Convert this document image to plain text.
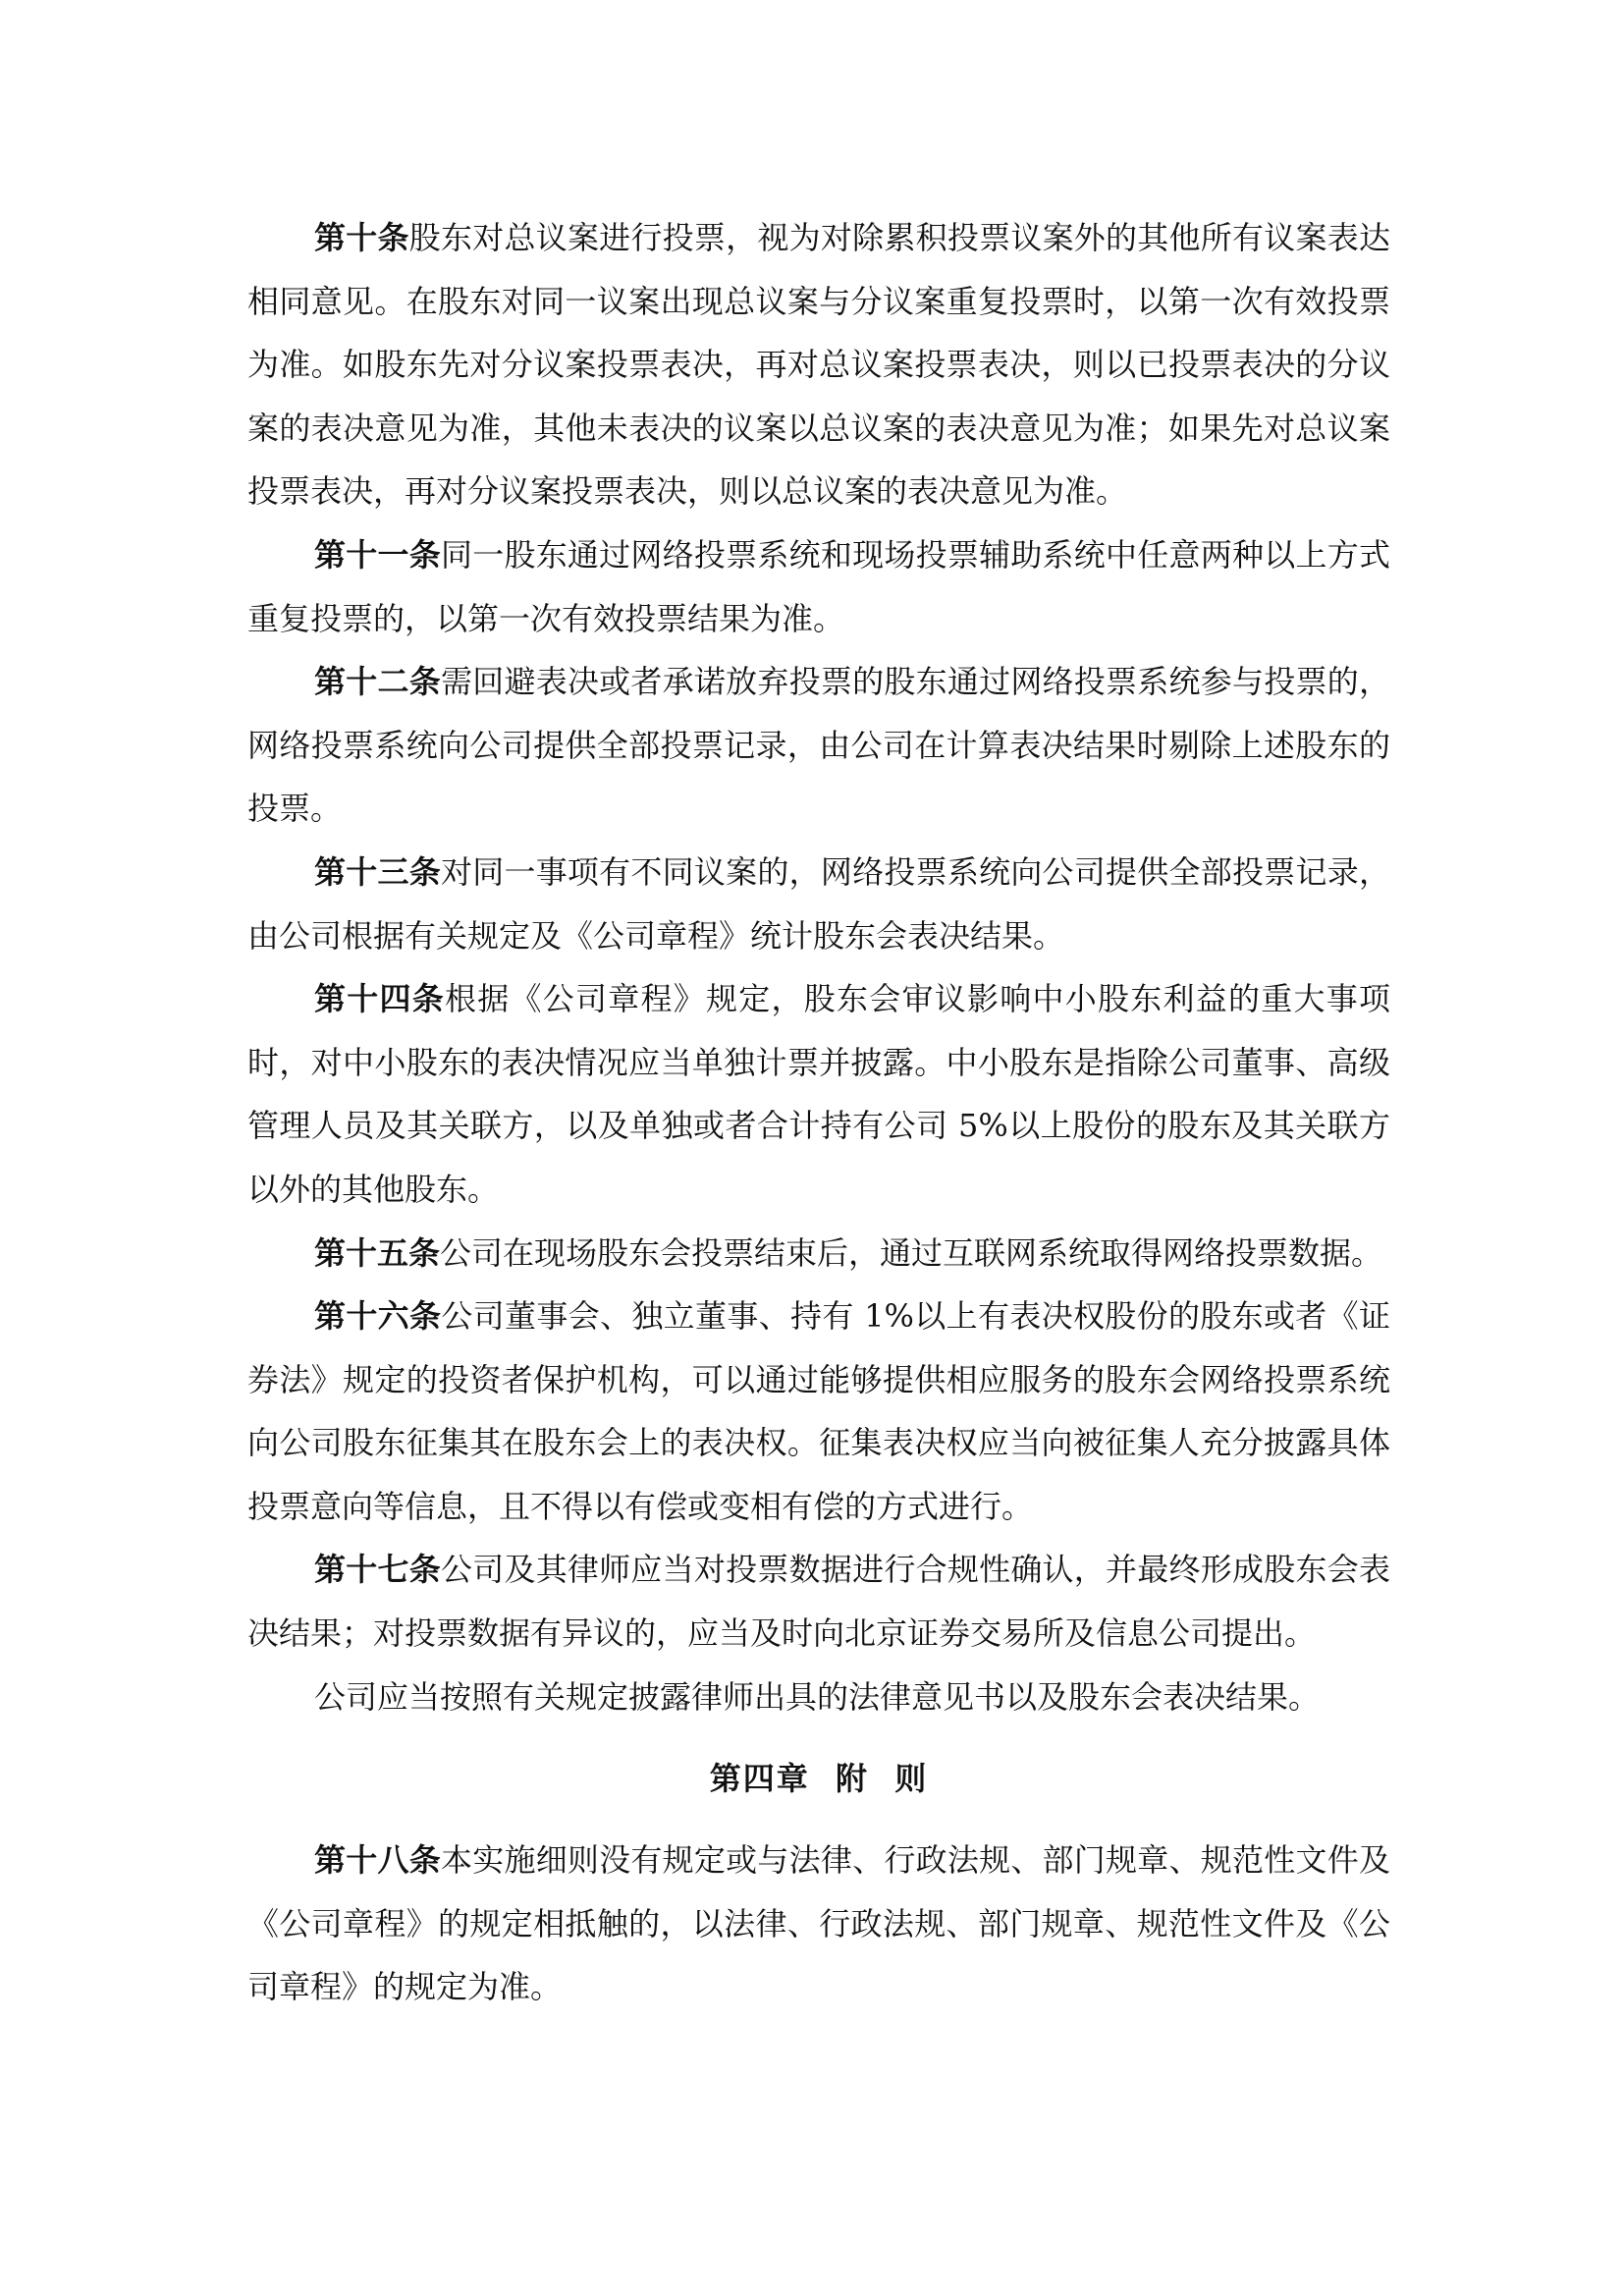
第十条股东对总议案进行投票，视为对除累积投票议案外的其他所有议案表达相同意见。在股东对同一议案出现总议案与分议案重复投票时，以第一次有效投票为准。如股东先对分议案投票表决，再对总议案投票表决，则以已投票表决的分议案的表决意见为准，其他未表决的议案以总议案的表决意见为准；如果先对总议案投票表决，再对分议案投票表决，则以总议案的表决意见为准。

第十一条同一股东通过网络投票系统和现场投票辅助系统中任意两种以上方式重复投票的，以第一次有效投票结果为准。

第十二条需回避表决或者承诺放弃投票的股东通过网络投票系统参与投票的，网络投票系统向公司提供全部投票记录，由公司在计算表决结果时剔除上述股东的投票。

第十三条对同一事项有不同议案的，网络投票系统向公司提供全部投票记录，由公司根据有关规定及《公司章程》统计股东会表决结果。

第十四条根据《公司章程》规定，股东会审议影响中小股东利益的重大事项时，对中小股东的表决情况应当单独计票并披露。中小股东是指除公司董事、高级管理人员及其关联方，以及单独或者合计持有公司 5%以上股份的股东及其关联方以外的其他股东。

第十五条公司在现场股东会投票结束后，通过互联网系统取得网络投票数据。

第十六条公司董事会、独立董事、持有 1%以上有表决权股份的股东或者《证券法》规定的投资者保护机构，可以通过能够提供相应服务的股东会网络投票系统向公司股东征集其在股东会上的表决权。征集表决权应当向被征集人充分披露具体投票意向等信息，且不得以有偿或变相有偿的方式进行。

第十七条公司及其律师应当对投票数据进行合规性确认，并最终形成股东会表决结果；对投票数据有异议的，应当及时向北京证券交易所及信息公司提出。

公司应当按照有关规定披露律师出具的法律意见书以及股东会表决结果。

第四章  附  则

第十八条本实施细则没有规定或与法律、行政法规、部门规章、规范性文件及《公司章程》的规定相抵触的，以法律、行政法规、部门规章、规范性文件及《公司章程》的规定为准。
